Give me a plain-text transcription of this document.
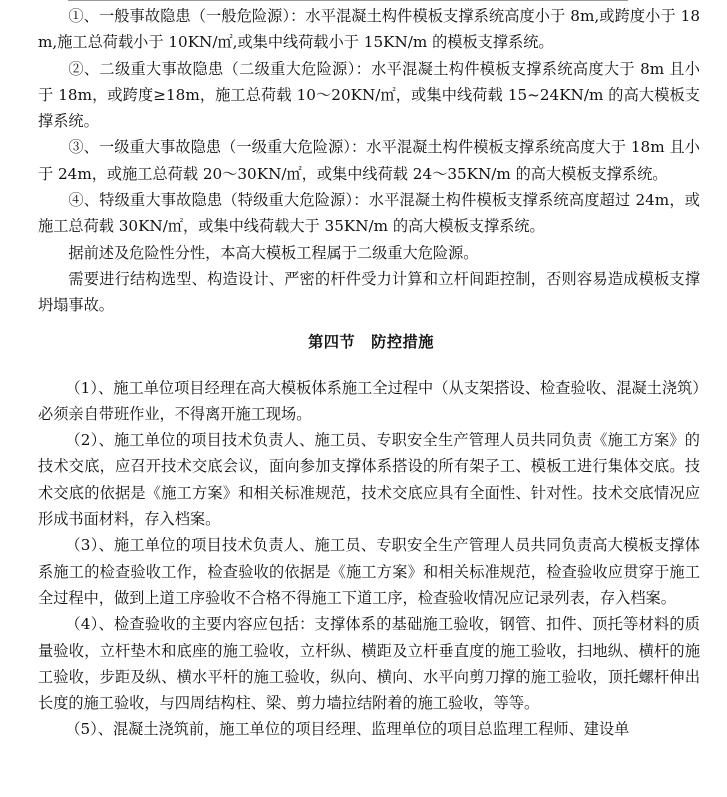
①、一般事故隐患（一般危险源）：水平混凝土构件模板支撑系统高度小于 8m,或跨度小于 18m,施工总荷载小于 10KN/㎡,或集中线荷载小于 15KN/m 的模板支撑系统。

②、二级重大事故隐患（二级重大危险源）：水平混凝土构件模板支撑系统高度大于 8m 且小于 18m，或跨度≥18m，施工总荷载 10～20KN/㎡，或集中线荷载 15~24KN/m 的高大模板支撑系统。

③、一级重大事故隐患（一级重大危险源）：水平混凝土构件模板支撑系统高度大于 18m 且小于 24m，或施工总荷载 20～30KN/㎡，或集中线荷载 24～35KN/m 的高大模板支撑系统。

④、特级重大事故隐患（特级重大危险源）：水平混凝土构件模板支撑系统高度超过 24m，或施工总荷载 30KN/㎡，或集中线荷载大于 35KN/m 的高大模板支撑系统。

据前述及危险性分性，本高大模板工程属于二级重大危险源。

需要进行结构选型、构造设计、严密的杆件受力计算和立杆间距控制，否则容易造成模板支撑坍塌事故。

第四节 防控措施

（1）、施工单位项目经理在高大模板体系施工全过程中（从支架搭设、检查验收、混凝土浇筑）必须亲自带班作业，不得离开施工现场。

（2）、施工单位的项目技术负责人、施工员、专职安全生产管理人员共同负责《施工方案》的技术交底，应召开技术交底会议，面向参加支撑体系搭设的所有架子工、模板工进行集体交底。技术交底的依据是《施工方案》和相关标准规范，技术交底应具有全面性、针对性。技术交底情况应形成书面材料，存入档案。

（3）、施工单位的项目技术负责人、施工员、专职安全生产管理人员共同负责高大模板支撑体系施工的检查验收工作，检查验收的依据是《施工方案》和相关标准规范，检查验收应贯穿于施工全过程中，做到上道工序验收不合格不得施工下道工序，检查验收情况应记录列表，存入档案。

（4）、检查验收的主要内容应包括：支撑体系的基础施工验收，钢管、扣件、顶托等材料的质量验收，立杆垫木和底座的施工验收，立杆纵、横距及立杆垂直度的施工验收，扫地纵、横杆的施工验收，步距及纵、横水平杆的施工验收，纵向、横向、水平向剪刀撑的施工验收，顶托螺杆伸出长度的施工验收，与四周结构柱、梁、剪力墙拉结附着的施工验收，等等。

（5）、混凝土浇筑前，施工单位的项目经理、监理单位的项目总监理工程师、建设单
